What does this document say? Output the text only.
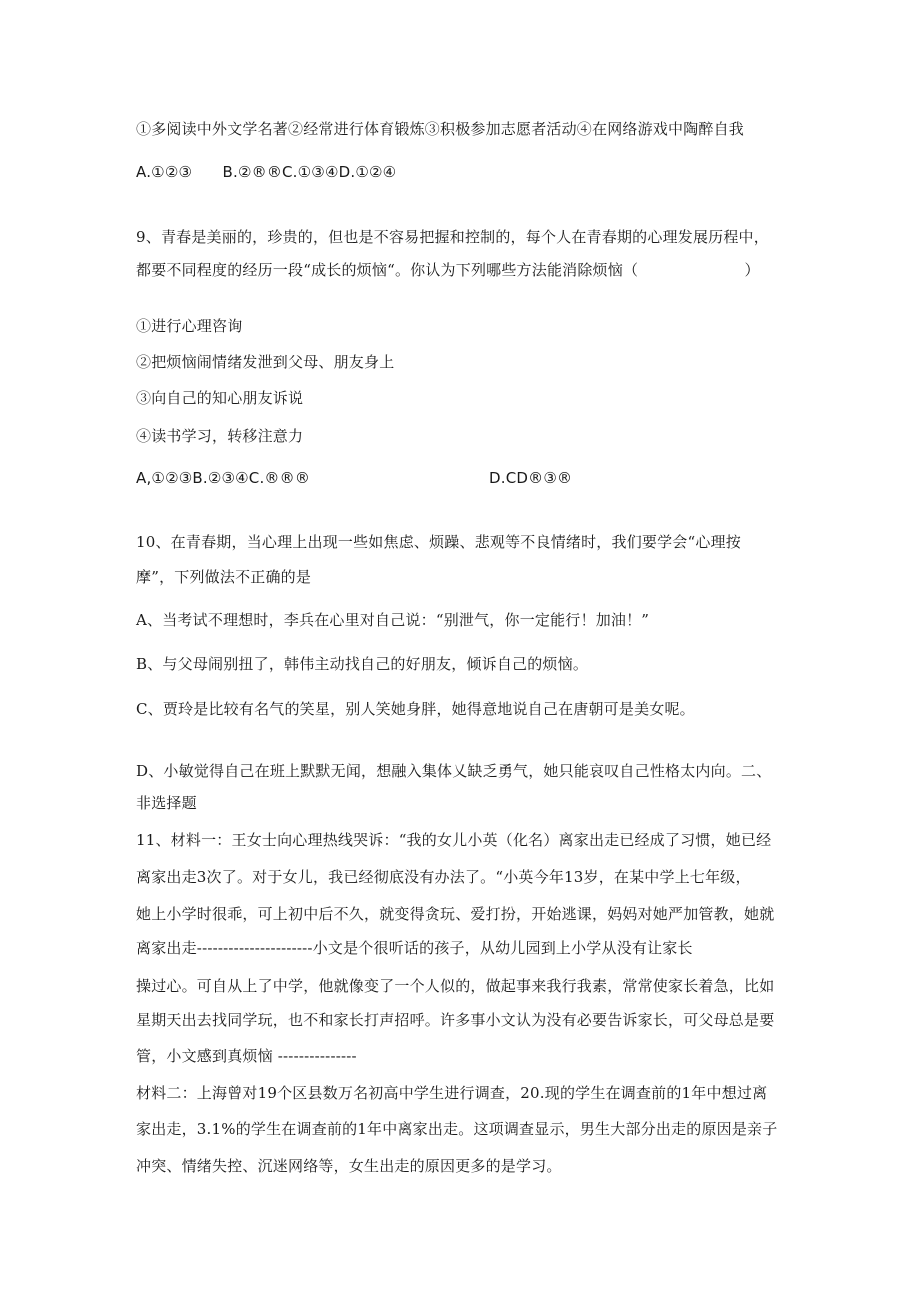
①多阅读中外文学名著②经常进行体育锻炼③积极参加志愿者活动④在网络游戏中陶醉自我
A.①②③　　B.②®®C.①③④D.①②④
9、青春是美丽的，珍贵的，但也是不容易把握和控制的，每个人在青春期的心理发展历程中，
都要不同程度的经历一段“成长的烦恼“。你认为下列哪些方法能消除烦恼（　　　　　　　）
①进行心理咨询
②把烦恼闹情绪发泄到父母、朋友身上
③向自己的知心朋友诉说
④读书学习，转移注意力
A,①②③B.②③④C.®®®	D.CD®③®
10、在青春期，当心理上出现一些如焦虑、烦躁、悲观等不良情绪时，我们要学会“心理按
摩”，下列做法不正确的是
A、当考试不理想时，李兵在心里对自己说：“别泄气，你一定能行！加油！”
B、与父母闹别扭了，韩伟主动找自己的好朋友，倾诉自己的烦恼。
C、贾玲是比较有名气的笑星，别人笑她身胖，她得意地说自己在唐朝可是美女呢。
D、小敏觉得自己在班上默默无闻，想融入集体乂缺乏勇气，她只能哀叹自己性格太内向。二、
非选择题
11、材料一：王女士向心理热线哭诉：“我的女儿小英（化名）离家出走已经成了习惯，她已经
离家出走3次了。对于女儿，我已经彻底没有办法了。“小英今年13岁，在某中学上七年级，
她上小学时很乖，可上初中后不久，就变得贪玩、爱打扮，开始逃课，妈妈对她严加管教，她就
离家出走----------------------小文是个很听话的孩子，从幼儿园到上小学从没有让家长
操过心。可自从上了中学，他就像变了一个人似的，做起事来我行我素，常常使家长着急，比如
星期天出去找同学玩，也不和家长打声招呼。许多事小文认为没有必要告诉家长，可父母总是要
管，小文感到真烦恼 ---------------
材料二：上海曾对19个区县数万名初高中学生进行调查，20.现的学生在调查前的1年中想过离
家出走，3.1%的学生在调查前的1年中离家出走。这项调查显示，男生大部分出走的原因是亲子
冲突、情绪失控、沉迷网络等，女生出走的原因更多的是学习。
